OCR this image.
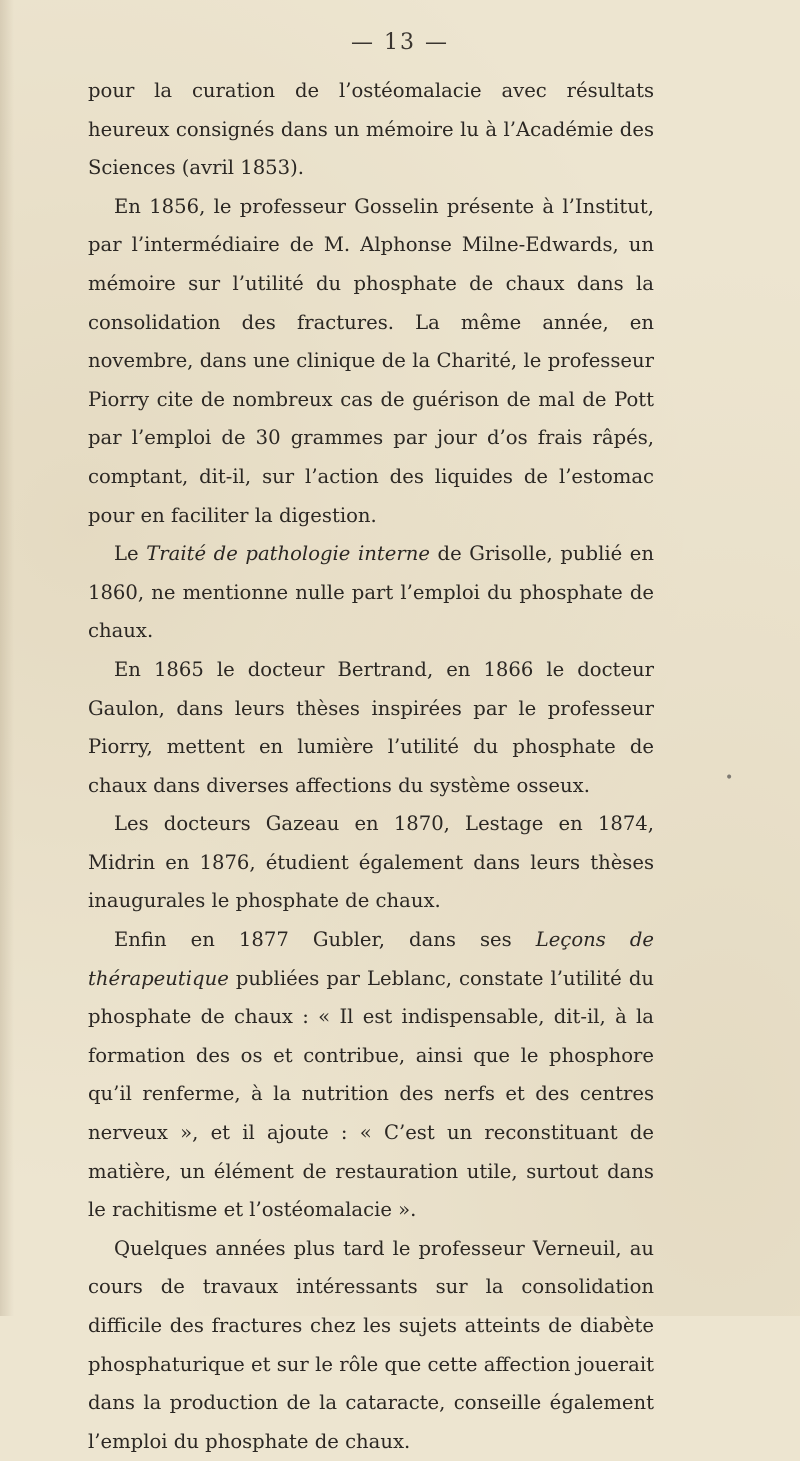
— 13 —

pour la curation de l’ostéomalacie avec résultats heureux consignés dans un mémoire lu à l’Académie des Sciences (avril 1853).

En 1856, le professeur Gosselin présente à l’Institut, par l’intermédiaire de M. Alphonse Milne-Edwards, un mémoire sur l’utilité du phosphate de chaux dans la consolidation des fractures. La même année, en novembre, dans une clinique de la Charité, le professeur Piorry cite de nombreux cas de guérison de mal de Pott par l’emploi de 30 grammes par jour d’os frais râpés, comptant, dit-il, sur l’action des liquides de l’estomac pour en faciliter la digestion.

Le Traité de pathologie interne de Grisolle, publié en 1860, ne mentionne nulle part l’emploi du phosphate de chaux.

En 1865 le docteur Bertrand, en 1866 le docteur Gaulon, dans leurs thèses inspirées par le professeur Piorry, mettent en lumière l’utilité du phosphate de chaux dans diverses affections du système osseux.

Les docteurs Gazeau en 1870, Lestage en 1874, Midrin en 1876, étudient également dans leurs thèses inaugurales le phosphate de chaux.

Enfin en 1877 Gubler, dans ses Leçons de thérapeutique publiées par Leblanc, constate l’utilité du phosphate de chaux : « Il est indispensable, dit-il, à la formation des os et contribue, ainsi que le phosphore qu’il renferme, à la nutrition des nerfs et des centres nerveux », et il ajoute : « C’est un reconstituant de matière, un élément de restauration utile, surtout dans le rachitisme et l’ostéomalacie ».

Quelques années plus tard le professeur Verneuil, au cours de travaux intéressants sur la consolidation difficile des fractures chez les sujets atteints de diabète phosphaturique et sur le rôle que cette affection jouerait dans la production de la cataracte, conseille également l’emploi du phosphate de chaux.

•
